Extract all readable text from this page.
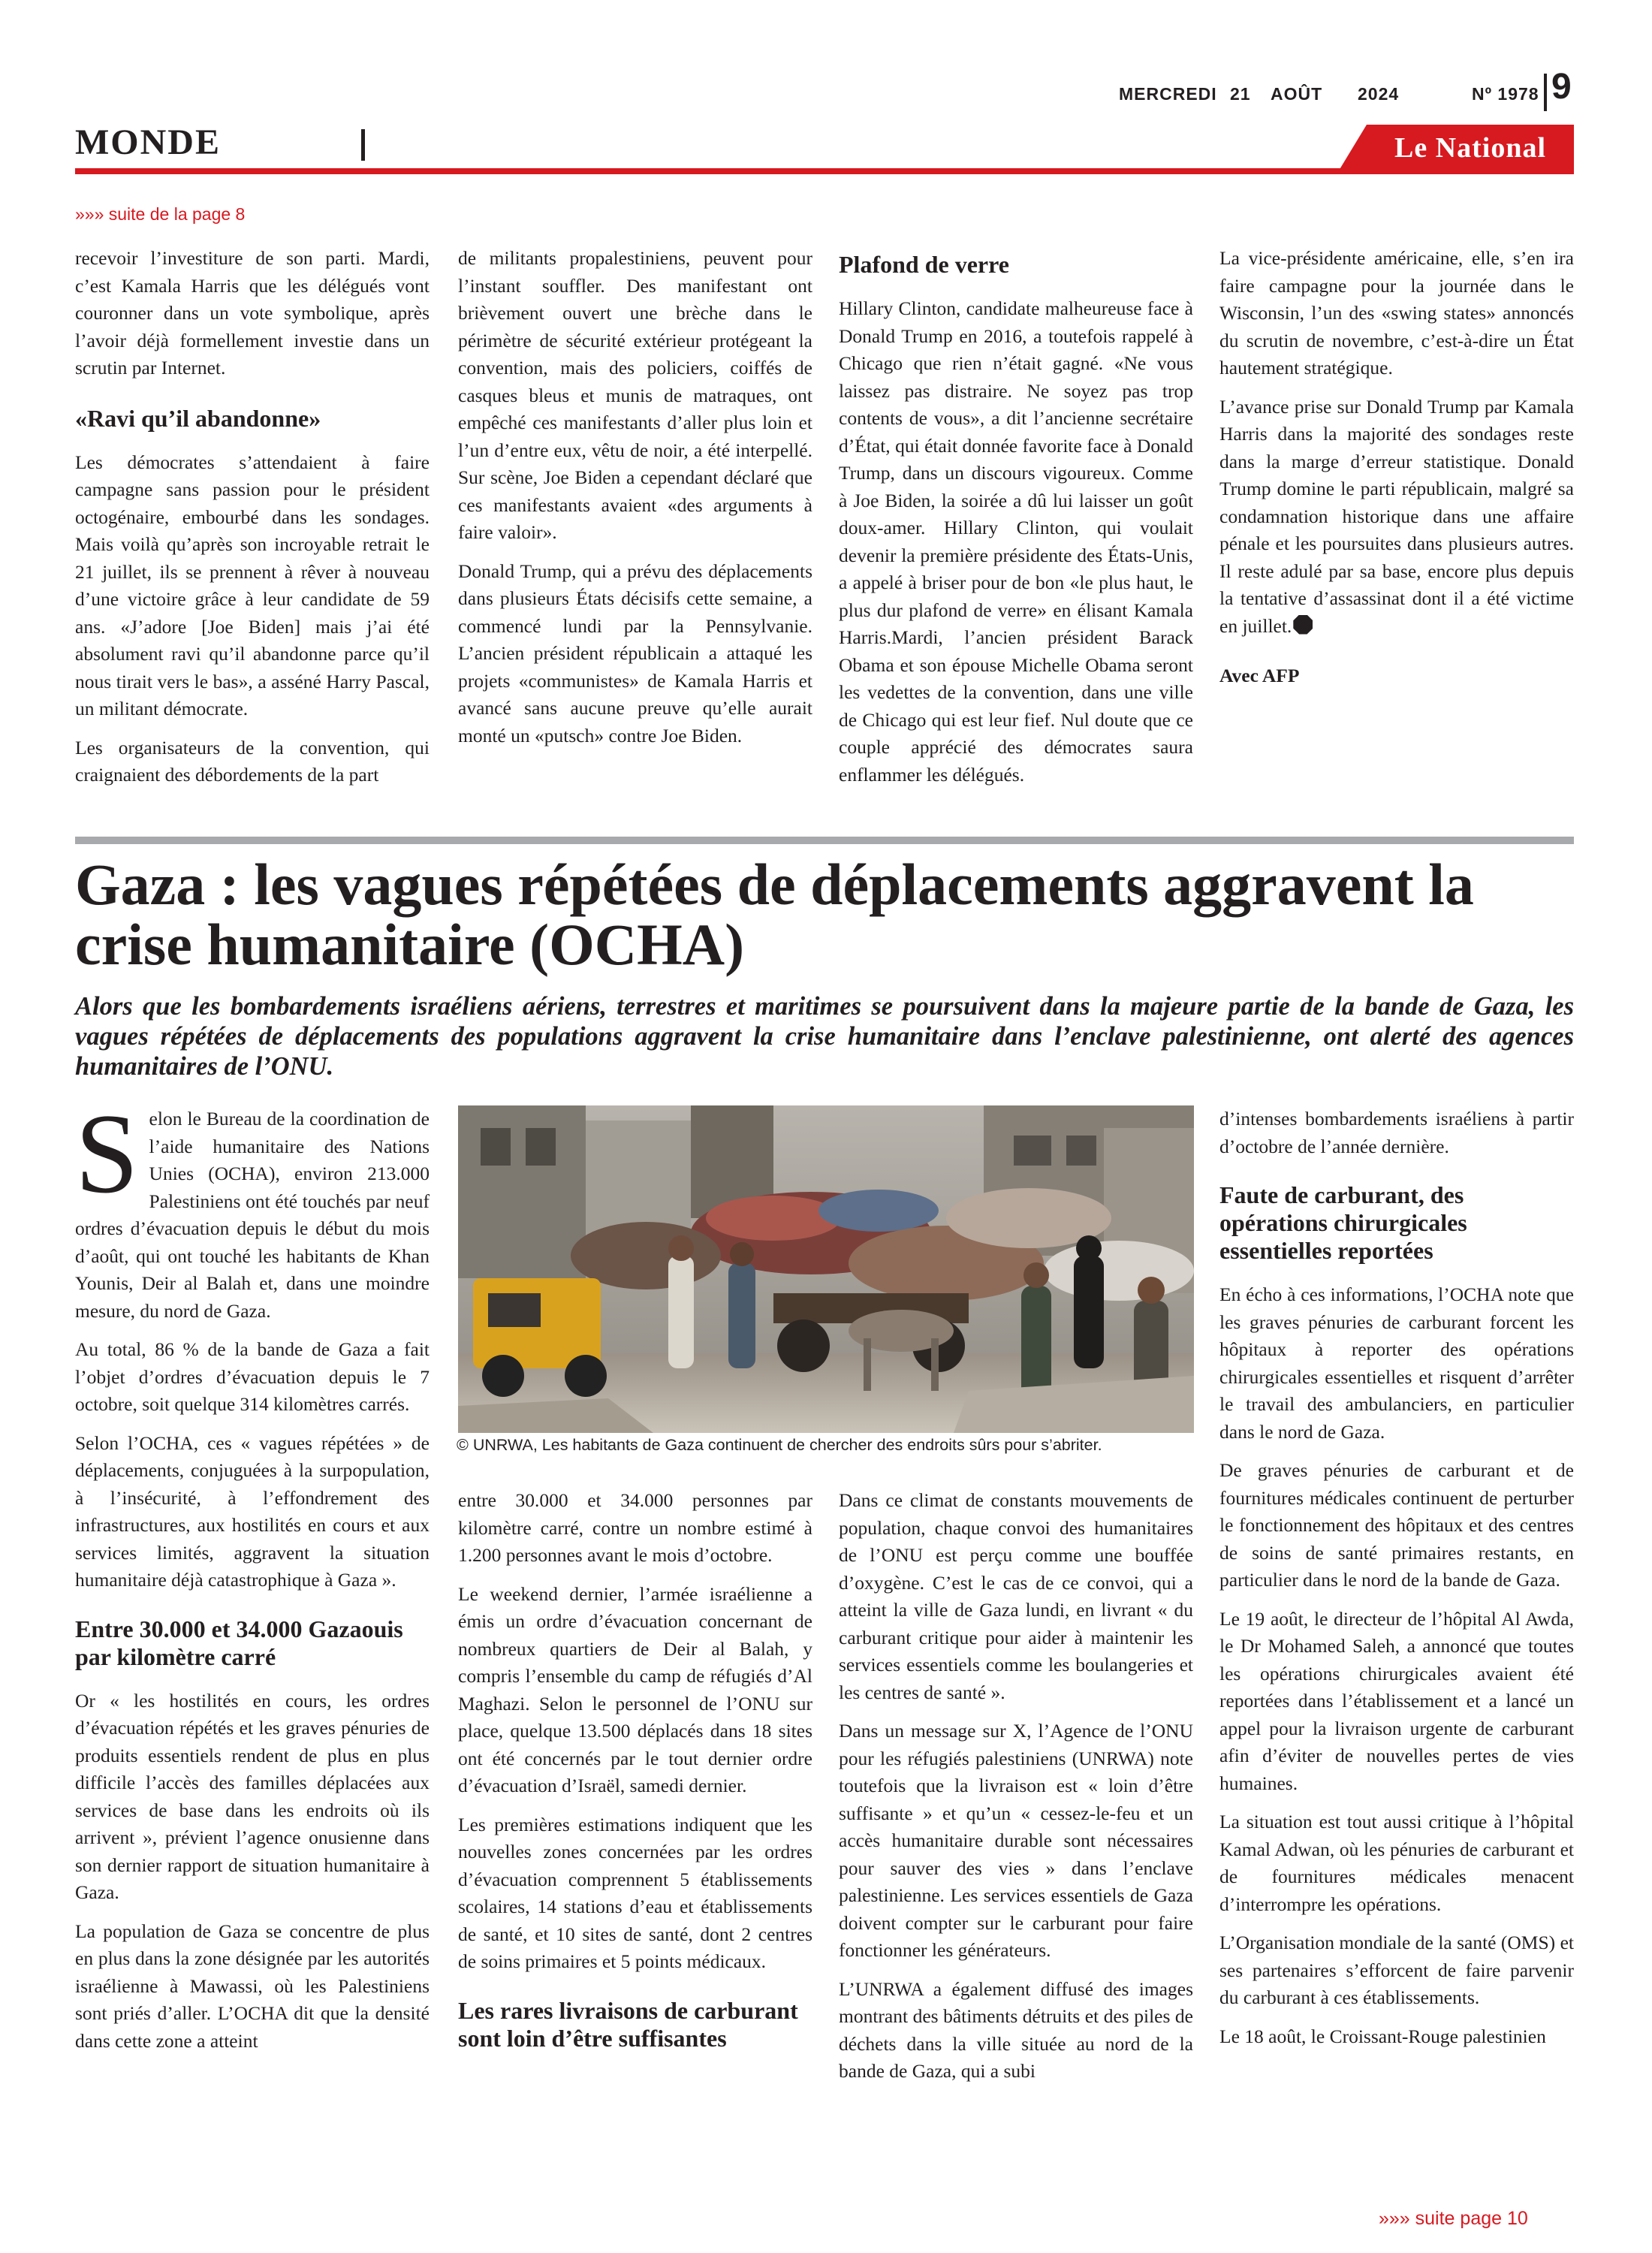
MERCREDI 21 AOÛT 2024	Nº 1978 9
MONDE	Le National
»»» suite de la page 8

recevoir l’investiture de son parti. Mardi, c’est Kamala Harris que les délégués vont couronner dans un vote symbolique, après l’avoir déjà formellement investie dans un scrutin par Internet.

«Ravi qu’il abandonne»

Les démocrates s’attendaient à faire campagne sans passion pour le président octogénaire, embourbé dans les sondages. Mais voilà qu’après son incroyable retrait le 21 juillet, ils se prennent à rêver à nouveau d’une victoire grâce à leur candidate de 59 ans. «J’adore [Joe Biden] mais j’ai été absolument ravi qu’il abandonne parce qu’il nous tirait vers le bas», a asséné Harry Pascal, un militant démocrate.

Les organisateurs de la convention, qui craignaient des débordements de la part

de militants propalestiniens, peuvent pour l’instant souffler. Des manifestant ont brièvement ouvert une brèche dans le périmètre de sécurité extérieur protégeant la convention, mais des policiers, coiffés de casques bleus et munis de matraques, ont empêché ces manifestants d’aller plus loin et l’un d’entre eux, vêtu de noir, a été interpellé. Sur scène, Joe Biden a cependant déclaré que ces manifestants avaient «des arguments à faire valoir».

Donald Trump, qui a prévu des déplacements dans plusieurs États décisifs cette semaine, a commencé lundi par la Pennsylvanie. L’ancien président républicain a attaqué les projets «communistes» de Kamala Harris et avancé sans aucune preuve qu’elle aurait monté un «putsch» contre Joe Biden.

Plafond de verre

Hillary Clinton, candidate malheureuse face à Donald Trump en 2016, a toutefois rappelé à Chicago que rien n’était gagné. «Ne vous laissez pas distraire. Ne soyez pas trop contents de vous», a dit l’ancienne secrétaire d’État, qui était donnée favorite face à Donald Trump, dans un discours vigoureux. Comme à Joe Biden, la soirée a dû lui laisser un goût doux-amer. Hillary Clinton, qui voulait devenir la première présidente des États-Unis, a appelé à briser pour de bon «le plus haut, le plus dur plafond de verre» en élisant Kamala Harris.Mardi, l’ancien président Barack Obama et son épouse Michelle Obama seront les vedettes de la convention, dans une ville de Chicago qui est leur fief. Nul doute que ce couple apprécié des démocrates saura enflammer les délégués.

La vice-présidente américaine, elle, s’en ira faire campagne pour la journée dans le Wisconsin, l’un des «swing states» annoncés du scrutin de novembre, c’est-à-dire un État hautement stratégique.

L’avance prise sur Donald Trump par Kamala Harris dans la majorité des sondages reste dans la marge d’erreur statistique. Donald Trump domine le parti républicain, malgré sa condamnation historique dans une affaire pénale et les poursuites dans plusieurs autres. Il reste adulé par sa base, encore plus depuis la tentative d’assassinat dont il a été victime en juillet.

Avec AFP

Gaza : les vagues répétées de déplacements aggravent la crise humanitaire (OCHA)

Alors que les bombardements israéliens aériens, terrestres et maritimes se poursuivent dans la majeure partie de la bande de Gaza, les vagues répétées de déplacements des populations aggravent la crise humanitaire dans l’enclave palestinienne, ont alerté des agences humanitaires de l’ONU.

Selon le Bureau de la coordination de l’aide humanitaire des Nations Unies (OCHA), environ 213.000 Palestiniens ont été touchés par neuf ordres d’évacuation depuis le début du mois d’août, qui ont touché les habitants de Khan Younis, Deir al Balah et, dans une moindre mesure, du nord de Gaza.

Au total, 86 % de la bande de Gaza a fait l’objet d’ordres d’évacuation depuis le 7 octobre, soit quelque 314 kilomètres carrés.

Selon l’OCHA, ces « vagues répétées » de déplacements, conjuguées à la surpopulation, à l’insécurité, à l’effondrement des infrastructures, aux hostilités en cours et aux services limités, aggravent la situation humanitaire déjà catastrophique à Gaza ».

Entre 30.000 et 34.000 Gazaouis par kilomètre carré

Or « les hostilités en cours, les ordres d’évacuation répétés et les graves pénuries de produits essentiels rendent de plus en plus difficile l’accès des familles déplacées aux services de base dans les endroits où ils arrivent », prévient l’agence onusienne dans son dernier rapport de situation humanitaire à Gaza.

La population de Gaza se concentre de plus en plus dans la zone désignée par les autorités israélienne à Mawassi, où les Palestiniens sont priés d’aller. L’OCHA dit que la densité dans cette zone a atteint

© UNRWA, Les habitants de Gaza continuent de chercher des endroits sûrs pour s’abriter.

entre 30.000 et 34.000 personnes par kilomètre carré, contre un nombre estimé à 1.200 personnes avant le mois d’octobre.

Le weekend dernier, l’armée israélienne a émis un ordre d’évacuation concernant de nombreux quartiers de Deir al Balah, y compris l’ensemble du camp de réfugiés d’Al Maghazi. Selon le personnel de l’ONU sur place, quelque 13.500 déplacés dans 18 sites ont été concernés par le tout dernier ordre d’évacuation d’Israël, samedi dernier.

Les premières estimations indiquent que les nouvelles zones concernées par les ordres d’évacuation comprennent 5 établissements scolaires, 14 stations d’eau et établissements de santé, et 10 sites de santé, dont 2 centres de soins primaires et 5 points médicaux.

Les rares livraisons de carburant sont loin d’être suffisantes

Dans ce climat de constants mouvements de population, chaque convoi des humanitaires de l’ONU est perçu comme une bouffée d’oxygène. C’est le cas de ce convoi, qui a atteint la ville de Gaza lundi, en livrant « du carburant critique pour aider à maintenir les services essentiels comme les boulangeries et les centres de santé ».

Dans un message sur X, l’Agence de l’ONU pour les réfugiés palestiniens (UNRWA) note toutefois que la livraison est « loin d’être suffisante » et qu’un « cessez-le-feu et un accès humanitaire durable sont nécessaires pour sauver des vies » dans l’enclave palestinienne. Les services essentiels de Gaza doivent compter sur le carburant pour faire fonctionner les générateurs.

L’UNRWA a également diffusé des images montrant des bâtiments détruits et des piles de déchets dans la ville située au nord de la bande de Gaza, qui a subi

d’intenses bombardements israéliens à partir d’octobre de l’année dernière.

Faute de carburant, des opérations chirurgicales essentielles reportées

En écho à ces informations, l’OCHA note que les graves pénuries de carburant forcent les hôpitaux à reporter des opérations chirurgicales essentielles et risquent d’arrêter le travail des ambulanciers, en particulier dans le nord de Gaza.

De graves pénuries de carburant et de fournitures médicales continuent de perturber le fonctionnement des hôpitaux et des centres de soins de santé primaires restants, en particulier dans le nord de la bande de Gaza.

Le 19 août, le directeur de l’hôpital Al Awda, le Dr Mohamed Saleh, a annoncé que toutes les opérations chirurgicales avaient été reportées dans l’établissement et a lancé un appel pour la livraison urgente de carburant afin d’éviter de nouvelles pertes de vies humaines.

La situation est tout aussi critique à l’hôpital Kamal Adwan, où les pénuries de carburant et de fournitures médicales menacent d’interrompre les opérations.

L’Organisation mondiale de la santé (OMS) et ses partenaires s’efforcent de faire parvenir du carburant à ces établissements.

Le 18 août, le Croissant-Rouge palestinien

»»» suite page 10
